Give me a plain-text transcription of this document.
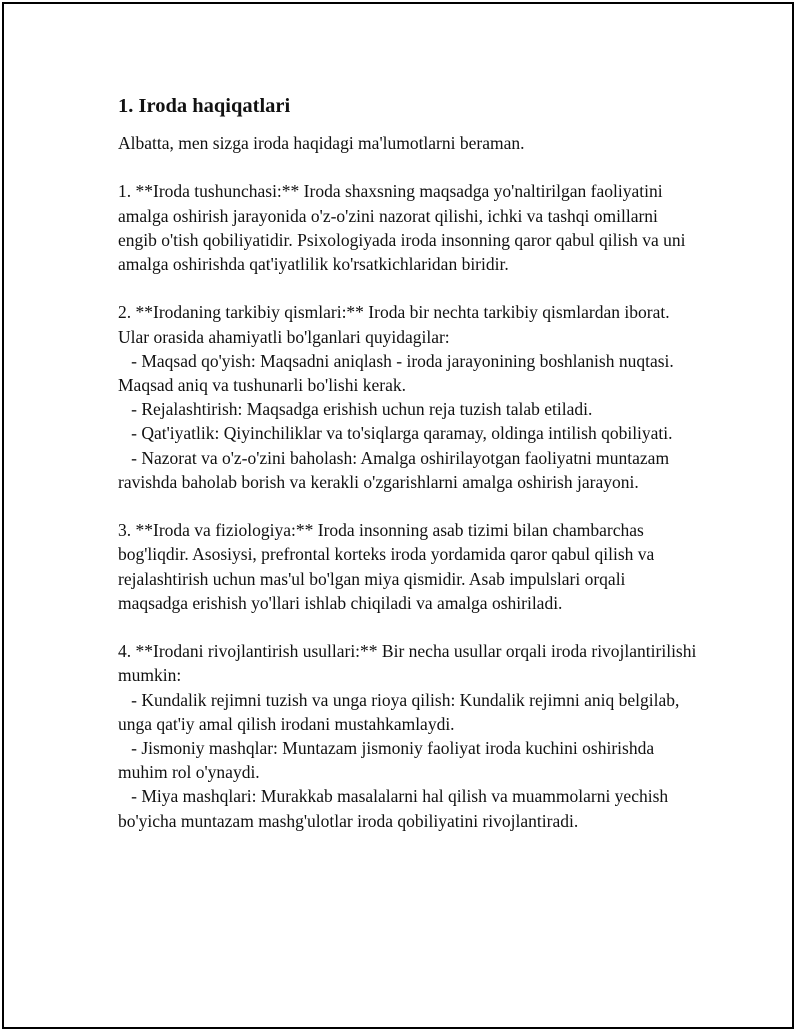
1. Iroda haqiqatlari

Albatta, men sizga iroda haqidagi ma'lumotlarni beraman.

1. **Iroda tushunchasi:** Iroda shaxsning maqsadga yo'naltirilgan faoliyatini amalga oshirish jarayonida o'z-o'zini nazorat qilishi, ichki va tashqi omillarni engib o'tish qobiliyatidir. Psixologiyada iroda insonning qaror qabul qilish va uni amalga oshirishda qat'iyatlilik ko'rsatkichlaridan biridir.

2. **Irodaning tarkibiy qismlari:** Iroda bir nechta tarkibiy qismlardan iborat. Ular orasida ahamiyatli bo'lganlari quyidagilar:
- Maqsad qo'yish: Maqsadni aniqlash - iroda jarayonining boshlanish nuqtasi. Maqsad aniq va tushunarli bo'lishi kerak.
- Rejalashtirish: Maqsadga erishish uchun reja tuzish talab etiladi.
- Qat'iyatlik: Qiyinchiliklar va to'siqlarga qaramay, oldinga intilish qobiliyati.
- Nazorat va o'z-o'zini baholash: Amalga oshirilayotgan faoliyatni muntazam ravishda baholab borish va kerakli o'zgarishlarni amalga oshirish jarayoni.

3. **Iroda va fiziologiya:** Iroda insonning asab tizimi bilan chambarchas bog'liqdir. Asosiysi, prefrontal korteks iroda yordamida qaror qabul qilish va rejalashtirish uchun mas'ul bo'lgan miya qismidir. Asab impulslari orqali maqsadga erishish yo'llari ishlab chiqiladi va amalga oshiriladi.

4. **Irodani rivojlantirish usullari:** Bir necha usullar orqali iroda rivojlantirilishi mumkin:
- Kundalik rejimni tuzish va unga rioya qilish: Kundalik rejimni aniq belgilab, unga qat'iy amal qilish irodani mustahkamlaydi.
- Jismoniy mashqlar: Muntazam jismoniy faoliyat iroda kuchini oshirishda muhim rol o'ynaydi.
- Miya mashqlari: Murakkab masalalarni hal qilish va muammolarni yechish bo'yicha muntazam mashg'ulotlar iroda qobiliyatini rivojlantiradi.
